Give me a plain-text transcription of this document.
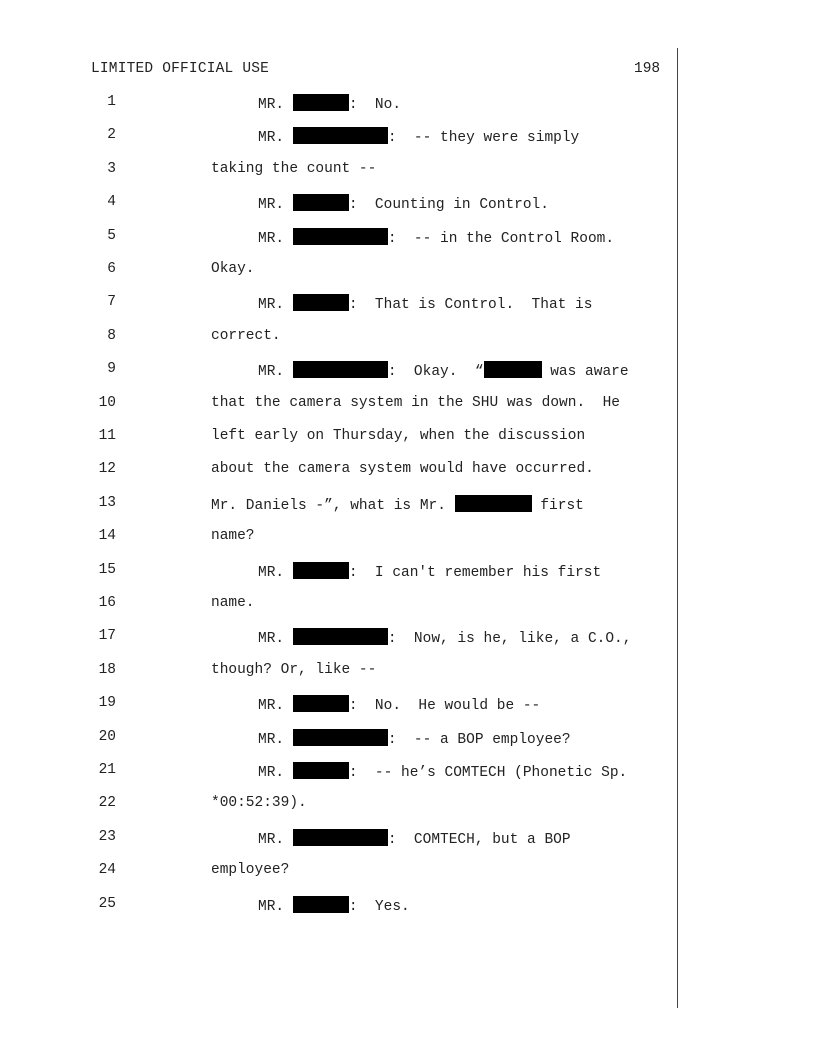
LIMITED OFFICIAL USE	198
1	MR.	:  No.
2	MR.	:  -- they were simply
3	taking the count --
4	MR.	:  Counting in Control.
5	MR.	:  -- in the Control Room.
6	Okay.
7	MR.	:  That is Control.  That is
8	correct.
9	MR.	:  Okay.  “	was aware
10	that the camera system in the SHU was down.  He
11	left early on Thursday, when the discussion
12	about the camera system would have occurred.
13	Mr. Daniels -”, what is Mr.	first
14	name?
15	MR.	:  I can't remember his first
16	name.
17	MR.	:  Now, is he, like, a C.O.,
18	though? Or, like --
19	MR.	:  No.  He would be --
20	MR.	:  -- a BOP employee?
21	MR.	:  -- he’s COMTECH (Phonetic Sp.
22	*00:52:39).
23	MR.	:  COMTECH, but a BOP
24	employee?
25	MR.	:  Yes.
